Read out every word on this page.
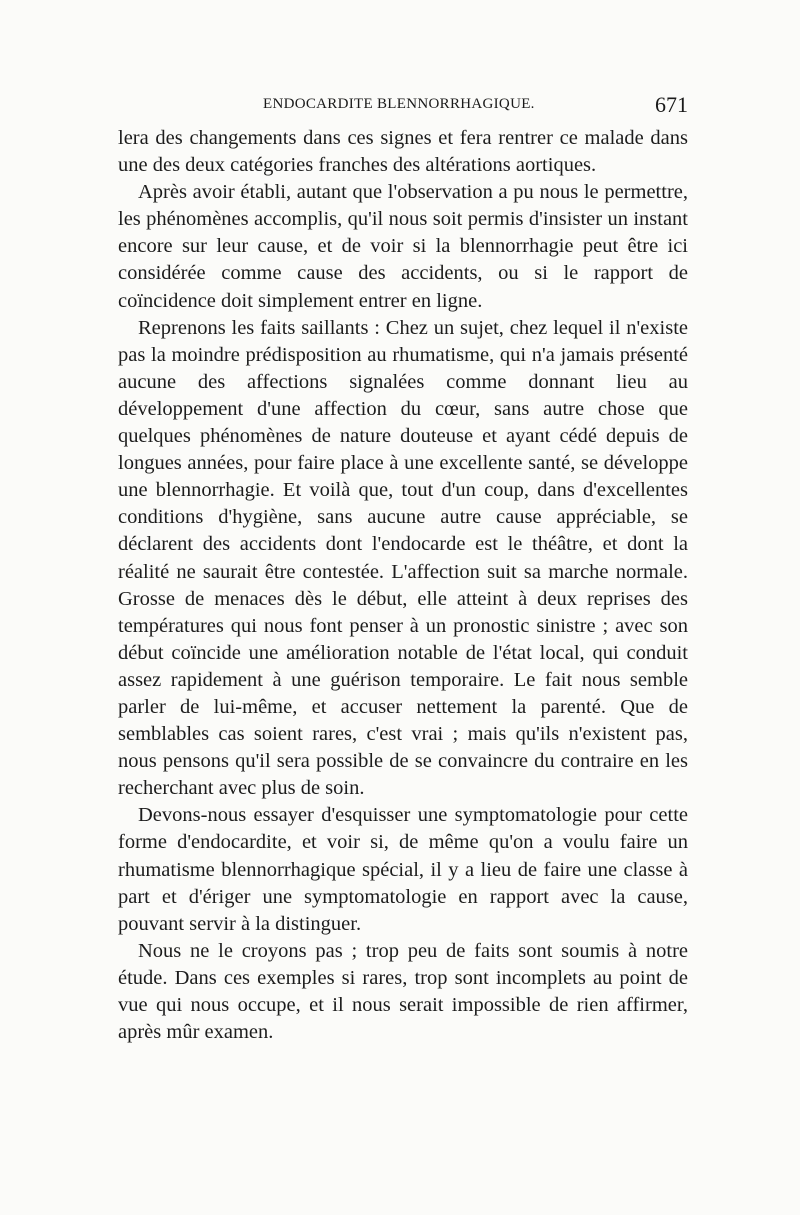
ENDOCARDITE BLENNORRHAGIQUE.	671

lera des changements dans ces signes et fera rentrer ce malade dans une des deux catégories franches des altérations aortiques.

Après avoir établi, autant que l'observation a pu nous le permettre, les phénomènes accomplis, qu'il nous soit permis d'insister un instant encore sur leur cause, et de voir si la blennorrhagie peut être ici considérée comme cause des accidents, ou si le rapport de coïncidence doit simplement entrer en ligne.

Reprenons les faits saillants : Chez un sujet, chez lequel il n'existe pas la moindre prédisposition au rhumatisme, qui n'a jamais présenté aucune des affections signalées comme donnant lieu au développement d'une affection du cœur, sans autre chose que quelques phénomènes de nature douteuse et ayant cédé depuis de longues années, pour faire place à une excellente santé, se développe une blennorrhagie. Et voilà que, tout d'un coup, dans d'excellentes conditions d'hygiène, sans aucune autre cause appréciable, se déclarent des accidents dont l'endocarde est le théâtre, et dont la réalité ne saurait être contestée. L'affection suit sa marche normale. Grosse de menaces dès le début, elle atteint à deux reprises des températures qui nous font penser à un pronostic sinistre ; avec son début coïncide une amélioration notable de l'état local, qui conduit assez rapidement à une guérison temporaire. Le fait nous semble parler de lui-même, et accuser nettement la parenté. Que de semblables cas soient rares, c'est vrai ; mais qu'ils n'existent pas, nous pensons qu'il sera possible de se convaincre du contraire en les recherchant avec plus de soin.

Devons-nous essayer d'esquisser une symptomatologie pour cette forme d'endocardite, et voir si, de même qu'on a voulu faire un rhumatisme blennorrhagique spécial, il y a lieu de faire une classe à part et d'ériger une symptomatologie en rapport avec la cause, pouvant servir à la distinguer.

Nous ne le croyons pas ; trop peu de faits sont soumis à notre étude. Dans ces exemples si rares, trop sont incomplets au point de vue qui nous occupe, et il nous serait impossible de rien affirmer, après mûr examen.
